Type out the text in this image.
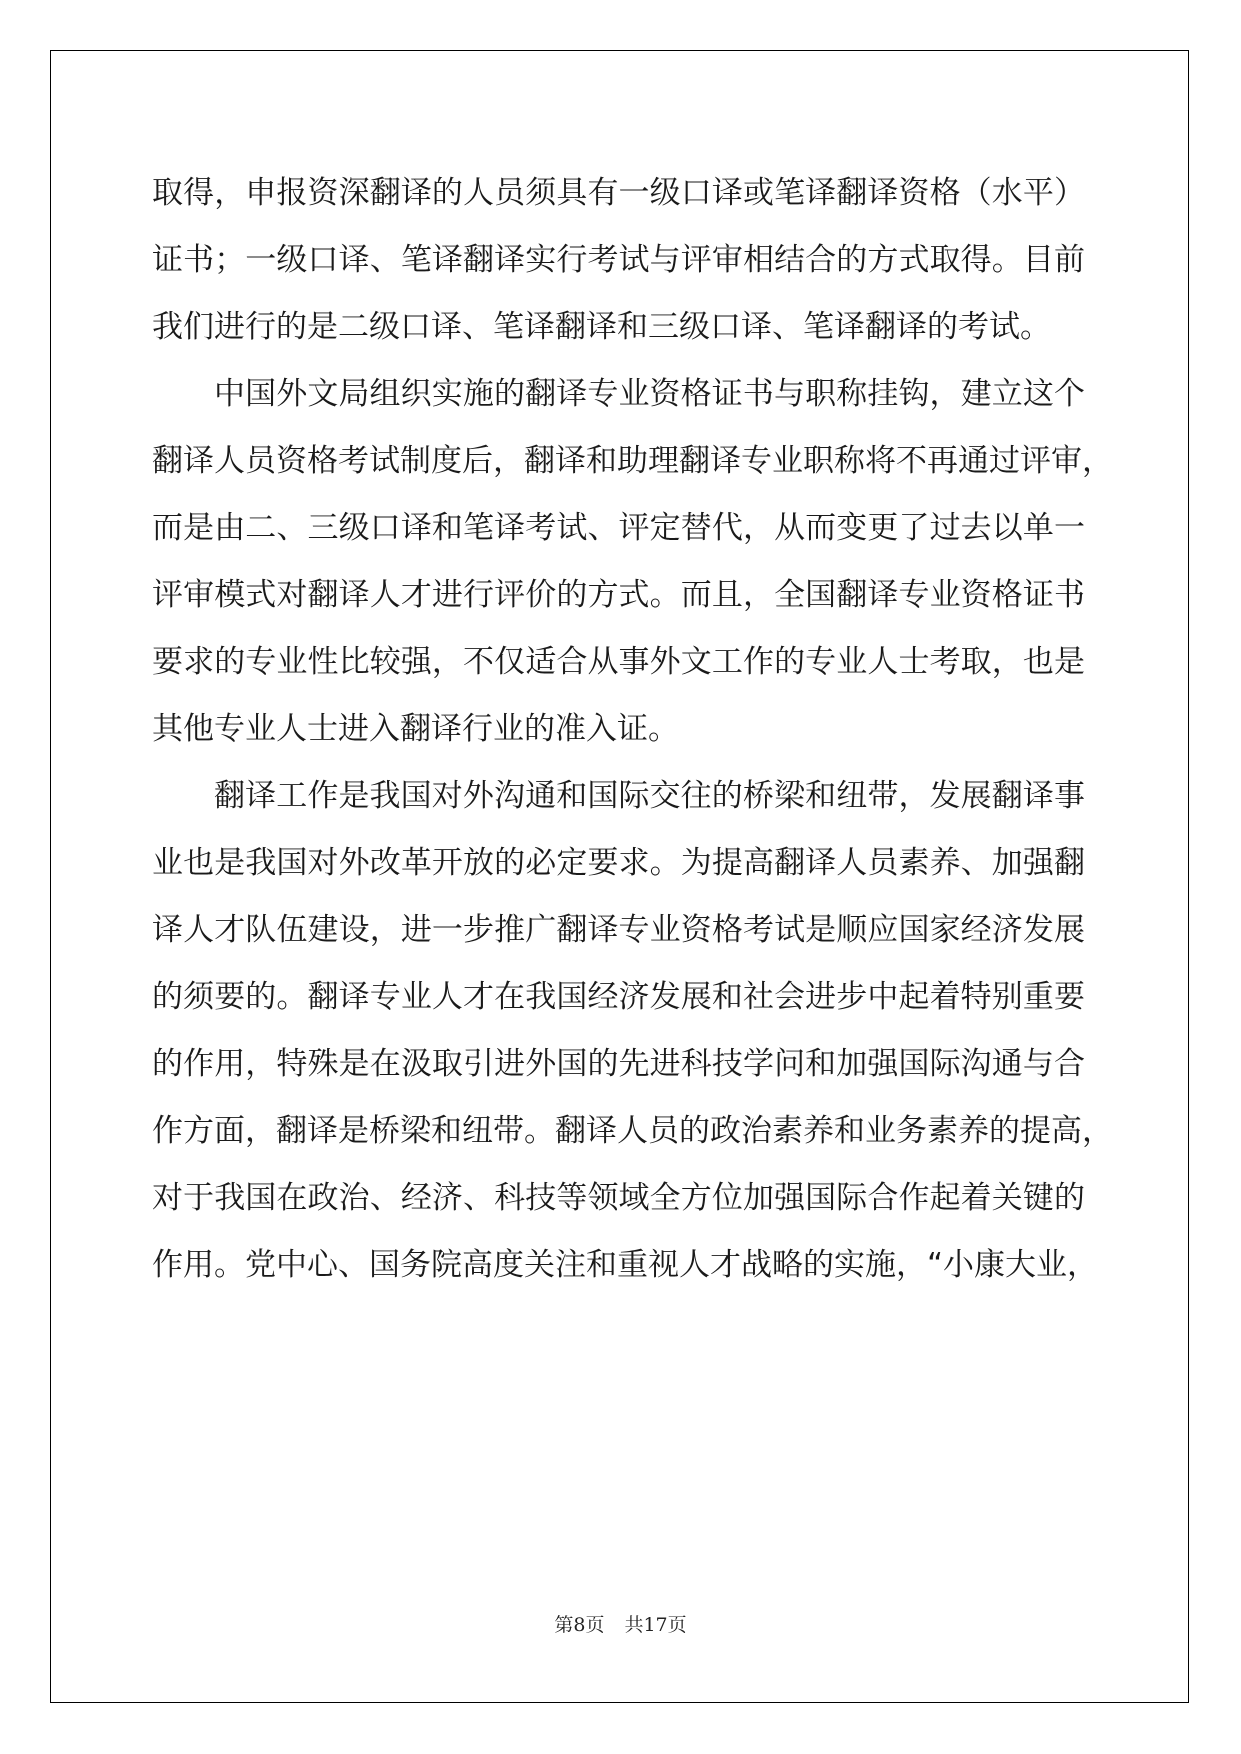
取得，申报资深翻译的人员须具有一级口译或笔译翻译资格（水平）
证书；一级口译、笔译翻译实行考试与评审相结合的方式取得。目前
我们进行的是二级口译、笔译翻译和三级口译、笔译翻译的考试。
中国外文局组织实施的翻译专业资格证书与职称挂钩，建立这个
翻译人员资格考试制度后，翻译和助理翻译专业职称将不再通过评审，
而是由二、三级口译和笔译考试、评定替代，从而变更了过去以单一
评审模式对翻译人才进行评价的方式。而且，全国翻译专业资格证书
要求的专业性比较强，不仅适合从事外文工作的专业人士考取，也是
其他专业人士进入翻译行业的准入证。
翻译工作是我国对外沟通和国际交往的桥梁和纽带，发展翻译事
业也是我国对外改革开放的必定要求。为提高翻译人员素养、加强翻
译人才队伍建设，进一步推广翻译专业资格考试是顺应国家经济发展
的须要的。翻译专业人才在我国经济发展和社会进步中起着特别重要
的作用，特殊是在汲取引进外国的先进科技学问和加强国际沟通与合
作方面，翻译是桥梁和纽带。翻译人员的政治素养和业务素养的提高，
对于我国在政治、经济、科技等领域全方位加强国际合作起着关键的
作用。党中心、国务院高度关注和重视人才战略的实施，“小康大业，
第8页 共17页
